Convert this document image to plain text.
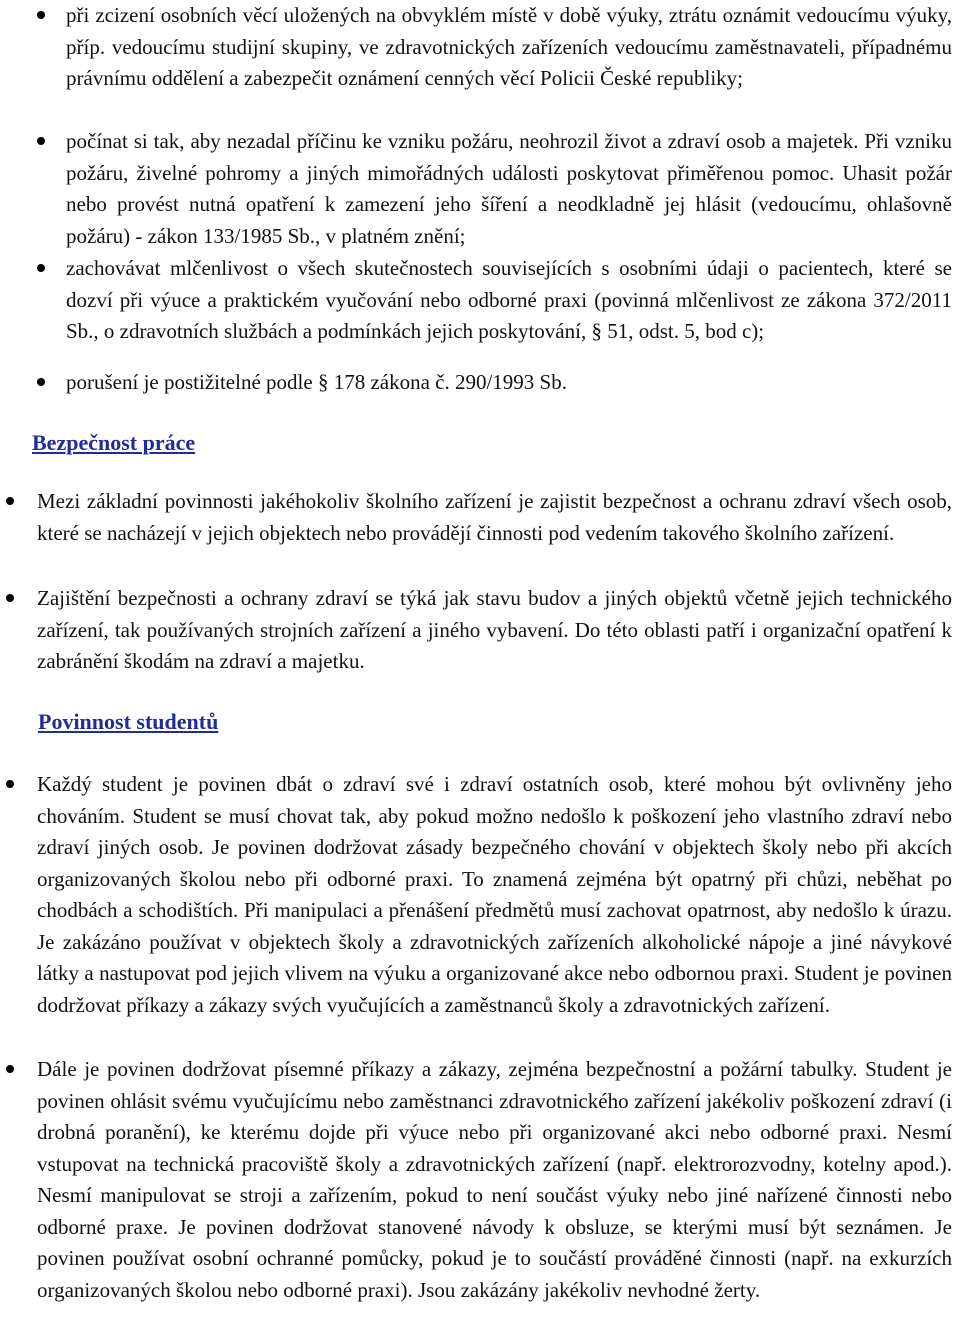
při zcizení osobních věcí uložených na obvyklém místě v době výuky, ztrátu oznámit vedoucímu výuky, příp. vedoucímu studijní skupiny, ve zdravotnických zařízeních vedoucímu zaměstnavateli, případnému právnímu oddělení a zabezpečit oznámení cenných věcí Policii České republiky;
počínat si tak, aby nezadal příčinu ke vzniku požáru, neohrozil život a zdraví osob a majetek. Při vzniku požáru, živelné pohromy a jiných mimořádných události poskytovat přiměřenou pomoc. Uhasit požár nebo provést nutná opatření k zamezení jeho šíření a neodkladně jej hlásit (vedoucímu, ohlašovně požáru) - zákon 133/1985 Sb., v platném znění;
zachovávat mlčenlivost o všech skutečnostech souvisejících s osobními údaji o pacientech, které se dozví při výuce a praktickém vyučování nebo odborné praxi (povinná mlčenlivost ze zákona 372/2011 Sb., o zdravotních službách a podmínkách jejich poskytování, § 51, odst. 5, bod c);
porušení je postižitelné podle § 178 zákona č. 290/1993 Sb.
Bezpečnost práce
Mezi základní povinnosti jakéhokoliv školního zařízení je zajistit bezpečnost a ochranu zdraví všech osob, které se nacházejí v jejich objektech nebo provádějí činnosti pod vedením takového školního zařízení.
Zajištění bezpečnosti a ochrany zdraví se týká jak stavu budov a jiných objektů včetně jejich technického zařízení, tak používaných strojních zařízení a jiného vybavení. Do této oblasti patří i organizační opatření k zabránění škodám na zdraví a majetku.
Povinnost studentů
Každý student je povinen dbát o zdraví své i zdraví ostatních osob, které mohou být ovlivněny jeho chováním. Student se musí chovat tak, aby pokud možno nedošlo k poškození jeho vlastního zdraví nebo zdraví jiných osob. Je povinen dodržovat zásady bezpečného chování v objektech školy nebo při akcích organizovaných školou nebo při odborné praxi. To znamená zejména být opatrný při chůzi, neběhat po chodbách a schodištích. Při manipulaci a přenášení předmětů musí zachovat opatrnost, aby nedošlo k úrazu. Je zakázáno používat v objektech školy a zdravotnických zařízeních alkoholické nápoje a jiné návykové látky a nastupovat pod jejich vlivem na výuku a organizované akce nebo odbornou praxi. Student je povinen dodržovat příkazy a zákazy svých vyučujících a zaměstnanců školy a zdravotnických zařízení.
Dále je povinen dodržovat písemné příkazy a zákazy, zejména bezpečnostní a požární tabulky. Student je povinen ohlásit svému vyučujícímu nebo zaměstnanci zdravotnického zařízení jakékoliv poškození zdraví (i drobná poranění), ke kterému dojde při výuce nebo při organizované akci nebo odborné praxi. Nesmí vstupovat na technická pracoviště školy a zdravotnických zařízení (např. elektrorozvodny, kotelny apod.). Nesmí manipulovat se stroji a zařízením, pokud to není součást výuky nebo jiné nařízené činnosti nebo odborné praxe. Je povinen dodržovat stanovené návody k obsluze, se kterými musí být seznámen. Je povinen používat osobní ochranné pomůcky, pokud je to součástí prováděné činnosti (např. na exkurzích organizovaných školou nebo odborné praxi). Jsou zakázány jakékoliv nevhodné žerty.
